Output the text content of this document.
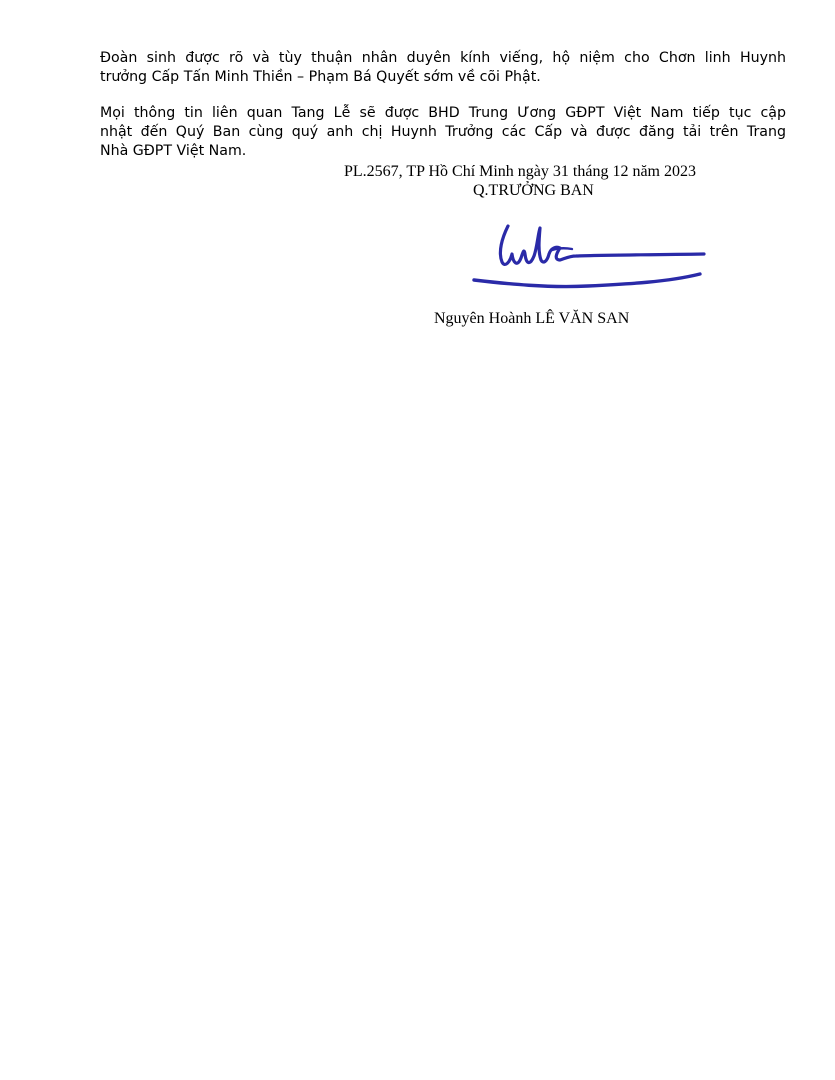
Đoàn sinh được rõ và tùy thuận nhân duyên kính viếng, hộ niệm cho Chơn linh Huynh
trưởng Cấp Tấn Minh Thiền – Phạm Bá Quyết sớm về cõi Phật.

Mọi thông tin liên quan Tang Lễ sẽ được BHD Trung Ương GĐPT Việt Nam tiếp tục cập
nhật đến Quý Ban cùng quý anh chị Huynh Trưởng các Cấp và được đăng tải trên Trang
Nhà GĐPT Việt Nam.

PL.2567, TP Hồ Chí Minh ngày 31 tháng 12 năm 2023
Q.TRƯỞNG BAN
Nguyên Hoành LÊ VĂN SAN
